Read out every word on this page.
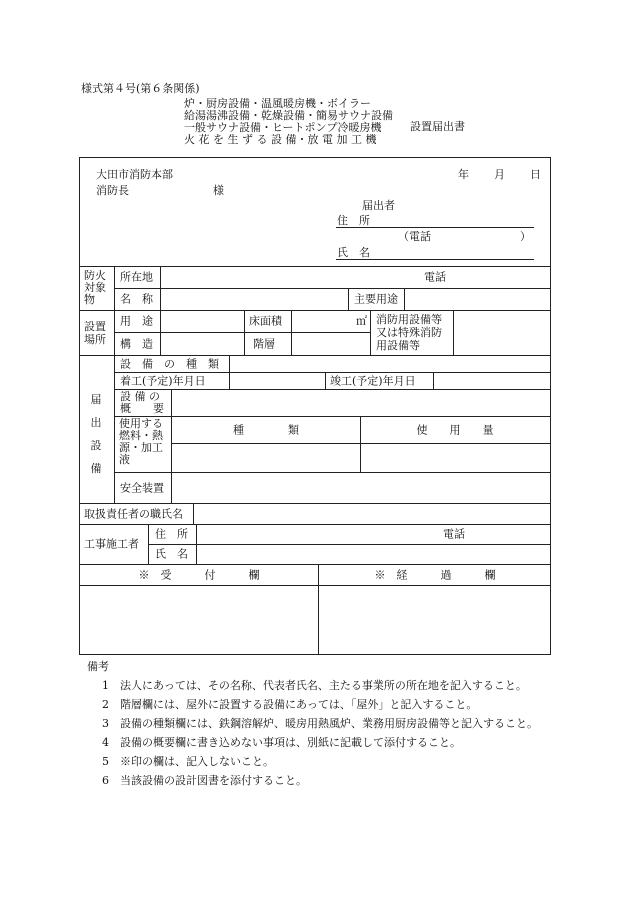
様式第４号(第６条関係)
炉・厨房設備・温風暖房機・ボイラー
給湯湯沸設備・乾燥設備・簡易サウナ設備
一般サウナ設備・ヒートポンプ冷暖房機
火 花 を 生 ず る 設 備・放 電 加 工 機
設置届出書
大田市消防本部
消防長	様
年 月 日
届出者
住　所
（電話	）
氏　名
防火対象物
所在地	電話
名　称	主要用途
設置場所
用　途	床面積	㎡ 消防用設備等又は特殊消防用設備等
構　造	階層
届出設備
設　備　の　種　類
着工(予定)年月日	竣工(予定)年月日
設 備 の概　　要
使用する燃料・熱源・加工液
種　　　　類	使　　用　　量
安全装置
取扱責任者の職氏名
工事施工者
住　所	電話
氏　名
※　受　　　付　　　欄	※　経　　　過　　　欄
備考
1 法人にあっては、その名称、代表者氏名、主たる事業所の所在地を記入すること。
2 階層欄には、屋外に設置する設備にあっては、「屋外」と記入すること。
3 設備の種類欄には、鉄鋼溶解炉、暖房用熱風炉、業務用厨房設備等と記入すること。
4 設備の概要欄に書き込めない事項は、別紙に記載して添付すること。
5 ※印の欄は、記入しないこと。
6 当該設備の設計図書を添付すること。
